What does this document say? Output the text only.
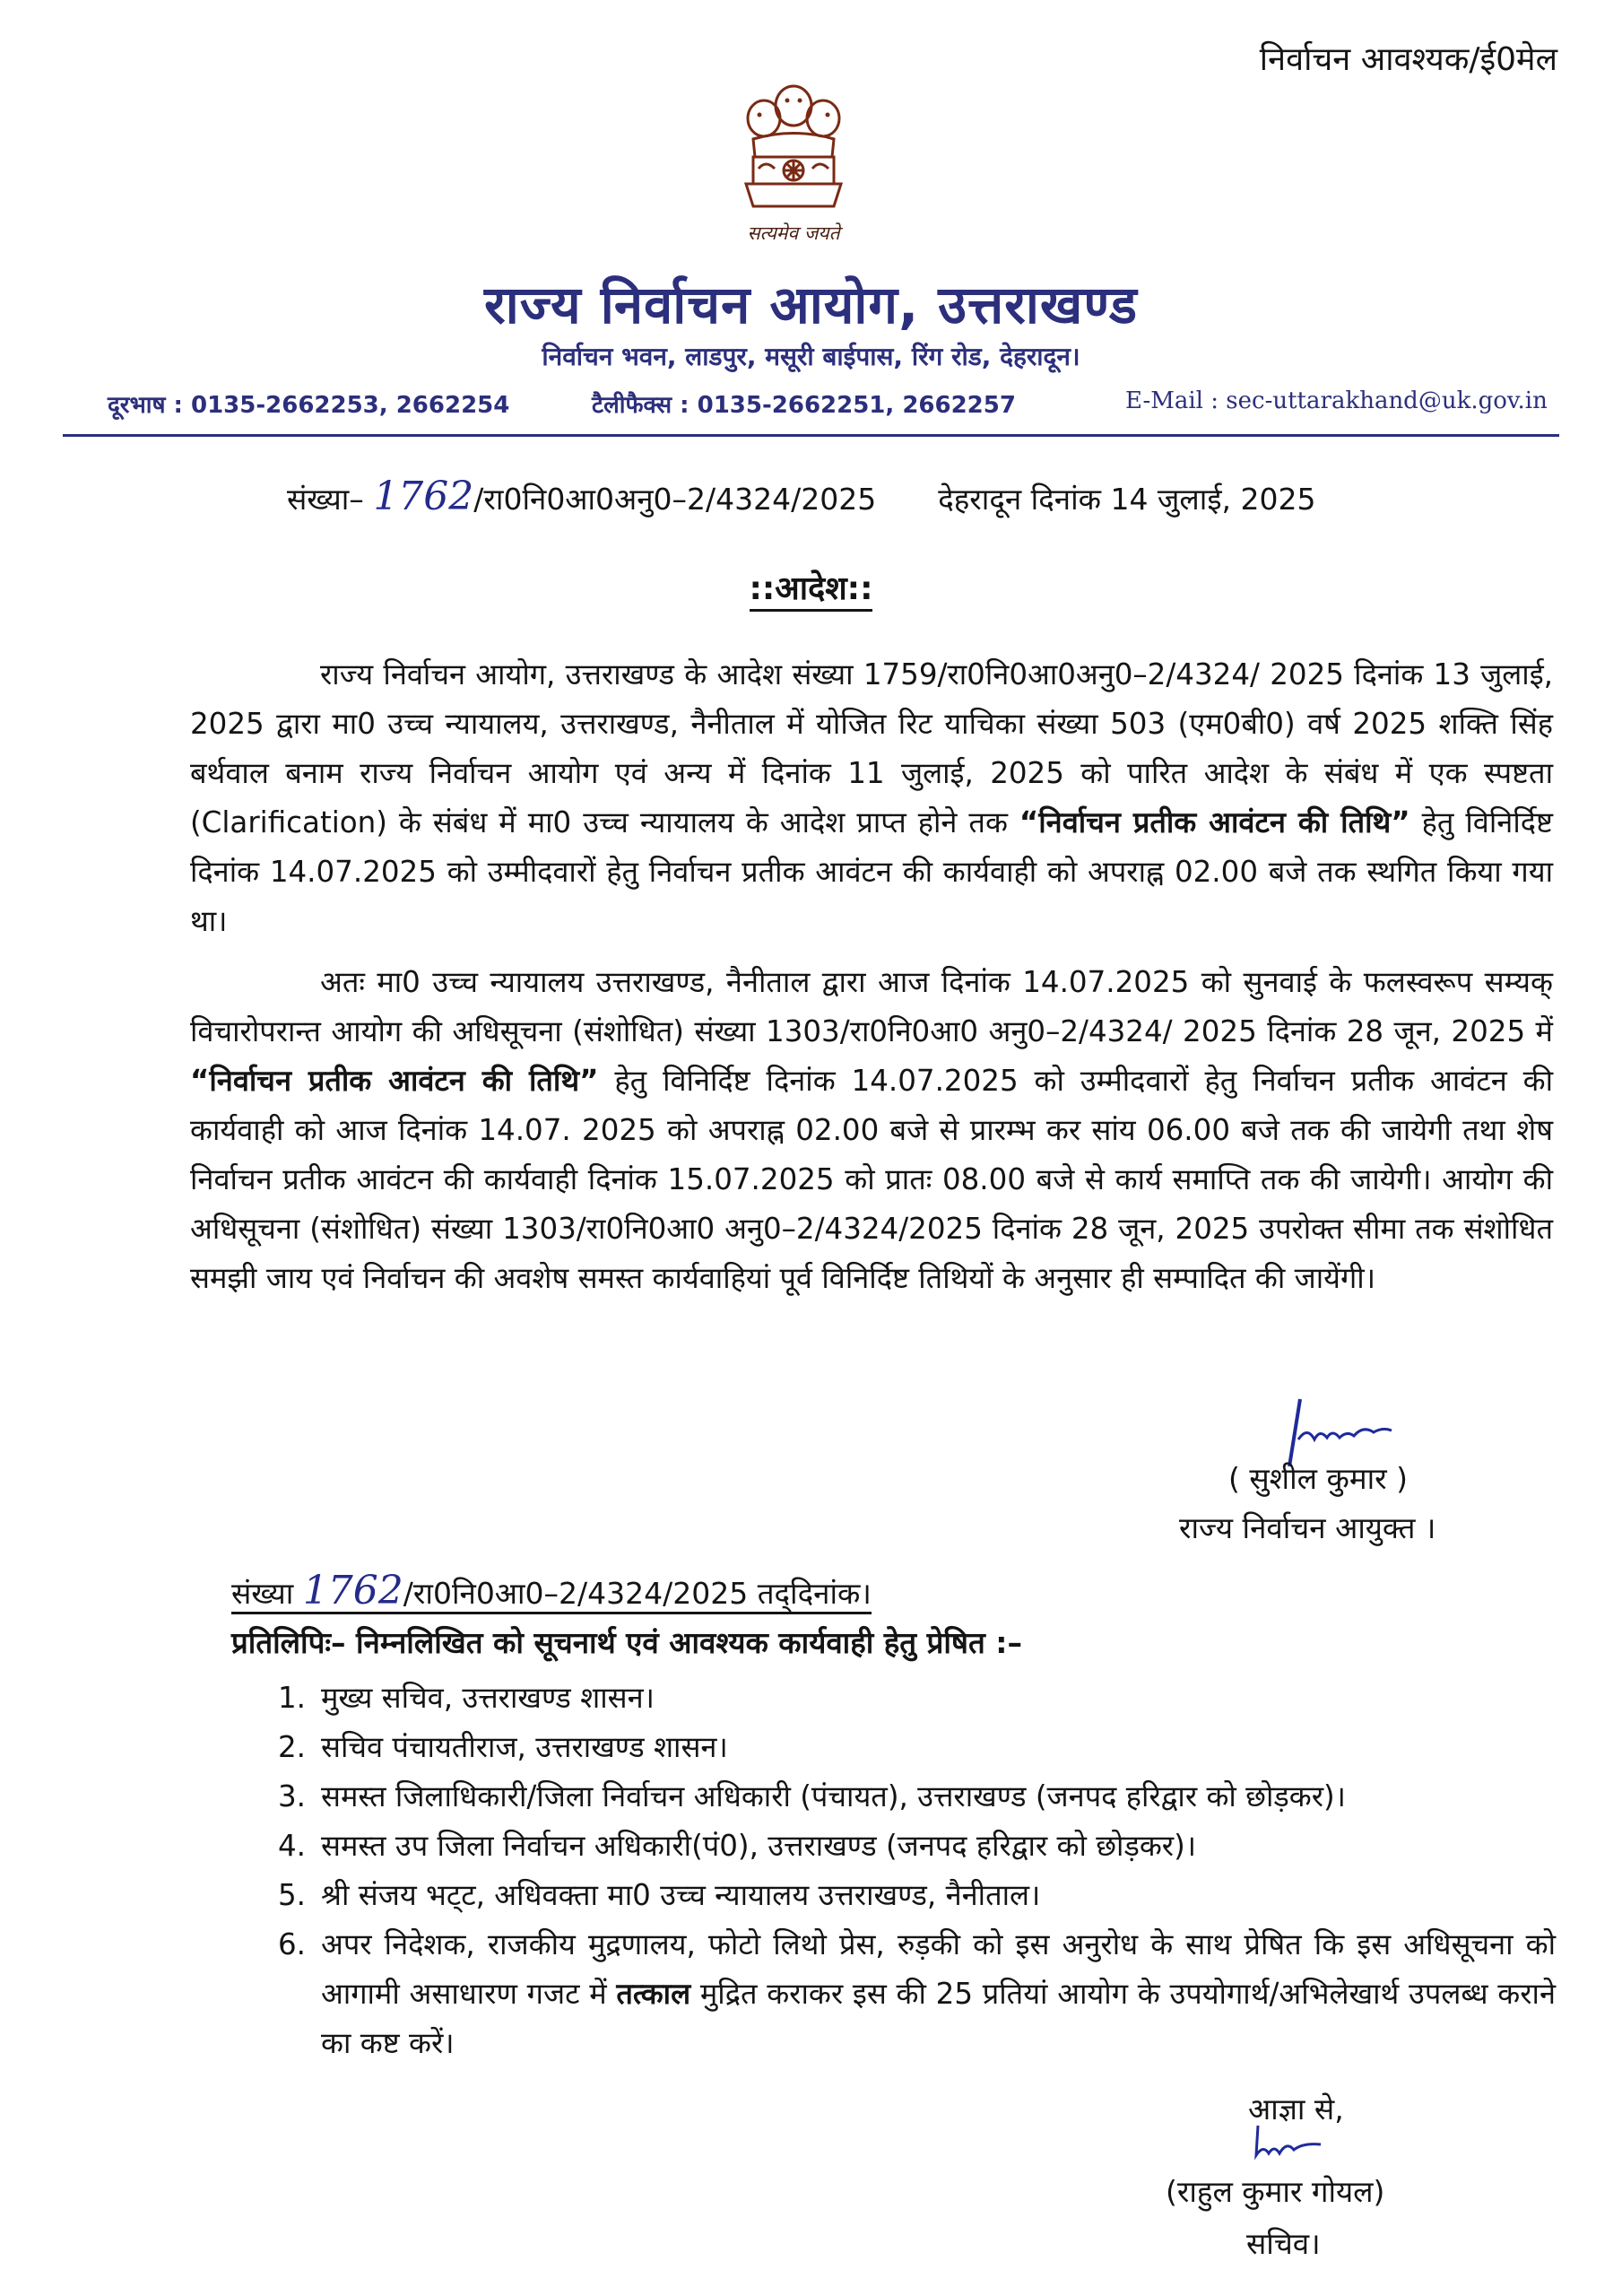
निर्वाचन आवश्यक/ई0मेल
सत्यमेव जयते
राज्य निर्वाचन आयोग, उत्तराखण्ड
निर्वाचन भवन, लाडपुर, मसूरी बाईपास, रिंग रोड, देहरादून।
दूरभाष : 0135-2662253, 2662254	टैलीफैक्स : 0135-2662251, 2662257	E-Mail : sec-uttarakhand@uk.gov.in
संख्या– 1762/रा0नि0आ0अनु0–2/4324/2025 देहरादून दिनांक 14 जुलाई, 2025
::आदेश::
राज्य निर्वाचन आयोग, उत्तराखण्ड के आदेश संख्या 1759/रा0नि0आ0अनु0–2/4324/ 2025 दिनांक 13 जुलाई, 2025 द्वारा मा0 उच्च न्यायालय, उत्तराखण्ड, नैनीताल में योजित रिट याचिका संख्या 503 (एम0बी0) वर्ष 2025 शक्ति सिंह बर्थवाल बनाम राज्य निर्वाचन आयोग एवं अन्य में दिनांक 11 जुलाई, 2025 को पारित आदेश के संबंध में एक स्पष्टता (Clarification) के संबंध में मा0 उच्च न्यायालय के आदेश प्राप्त होने तक “निर्वाचन प्रतीक आवंटन की तिथि” हेतु विनिर्दिष्ट दिनांक 14.07.2025 को उम्मीदवारों हेतु निर्वाचन प्रतीक आवंटन की कार्यवाही को अपराह्न 02.00 बजे तक स्थगित किया गया था।
अतः मा0 उच्च न्यायालय उत्तराखण्ड, नैनीताल द्वारा आज दिनांक 14.07.2025 को सुनवाई के फलस्वरूप सम्यक् विचारोपरान्त आयोग की अधिसूचना (संशोधित) संख्या 1303/रा0नि0आ0 अनु0–2/4324/ 2025 दिनांक 28 जून, 2025 में “निर्वाचन प्रतीक आवंटन की तिथि” हेतु विनिर्दिष्ट दिनांक 14.07.2025 को उम्मीदवारों हेतु निर्वाचन प्रतीक आवंटन की कार्यवाही को आज दिनांक 14.07. 2025 को अपराह्न 02.00 बजे से प्रारम्भ कर सांय 06.00 बजे तक की जायेगी तथा शेष निर्वाचन प्रतीक आवंटन की कार्यवाही दिनांक 15.07.2025 को प्रातः 08.00 बजे से कार्य समाप्ति तक की जायेगी। आयोग की अधिसूचना (संशोधित) संख्या 1303/रा0नि0आ0 अनु0–2/4324/2025 दिनांक 28 जून, 2025 उपरोक्त सीमा तक संशोधित समझी जाय एवं निर्वाचन की अवशेष समस्त कार्यवाहियां पूर्व विनिर्दिष्ट तिथियों के अनुसार ही सम्पादित की जायेंगी।
( सुशील कुमार )
राज्य निर्वाचन आयुक्त ।
संख्या 1762/रा0नि0आ0–2/4324/2025 तद्‌दिनांक।
प्रतिलिपिः– निम्नलिखित को सूचनार्थ एवं आवश्यक कार्यवाही हेतु प्रेषित :–
1. मुख्य सचिव, उत्तराखण्ड शासन।
2. सचिव पंचायतीराज, उत्तराखण्ड शासन।
3. समस्त जिलाधिकारी/जिला निर्वाचन अधिकारी (पंचायत), उत्तराखण्ड (जनपद हरिद्वार को छोड़कर)।
4. समस्त उप जिला निर्वाचन अधिकारी(पं0), उत्तराखण्ड (जनपद हरिद्वार को छोड़कर)।
5. श्री संजय भट्‌ट, अधिवक्ता मा0 उच्च न्यायालय उत्तराखण्ड, नैनीताल।
6. अपर निदेशक, राजकीय मुद्रणालय, फोटो लिथो प्रेस, रुड़की को इस अनुरोध के साथ प्रेषित कि इस अधिसूचना को आगामी असाधारण गजट में तत्काल मुद्रित कराकर इस की 25 प्रतियां आयोग के उपयोगार्थ/अभिलेखार्थ उपलब्ध कराने का कष्ट करें।
आज्ञा से,
(राहुल कुमार गोयल)
सचिव।
